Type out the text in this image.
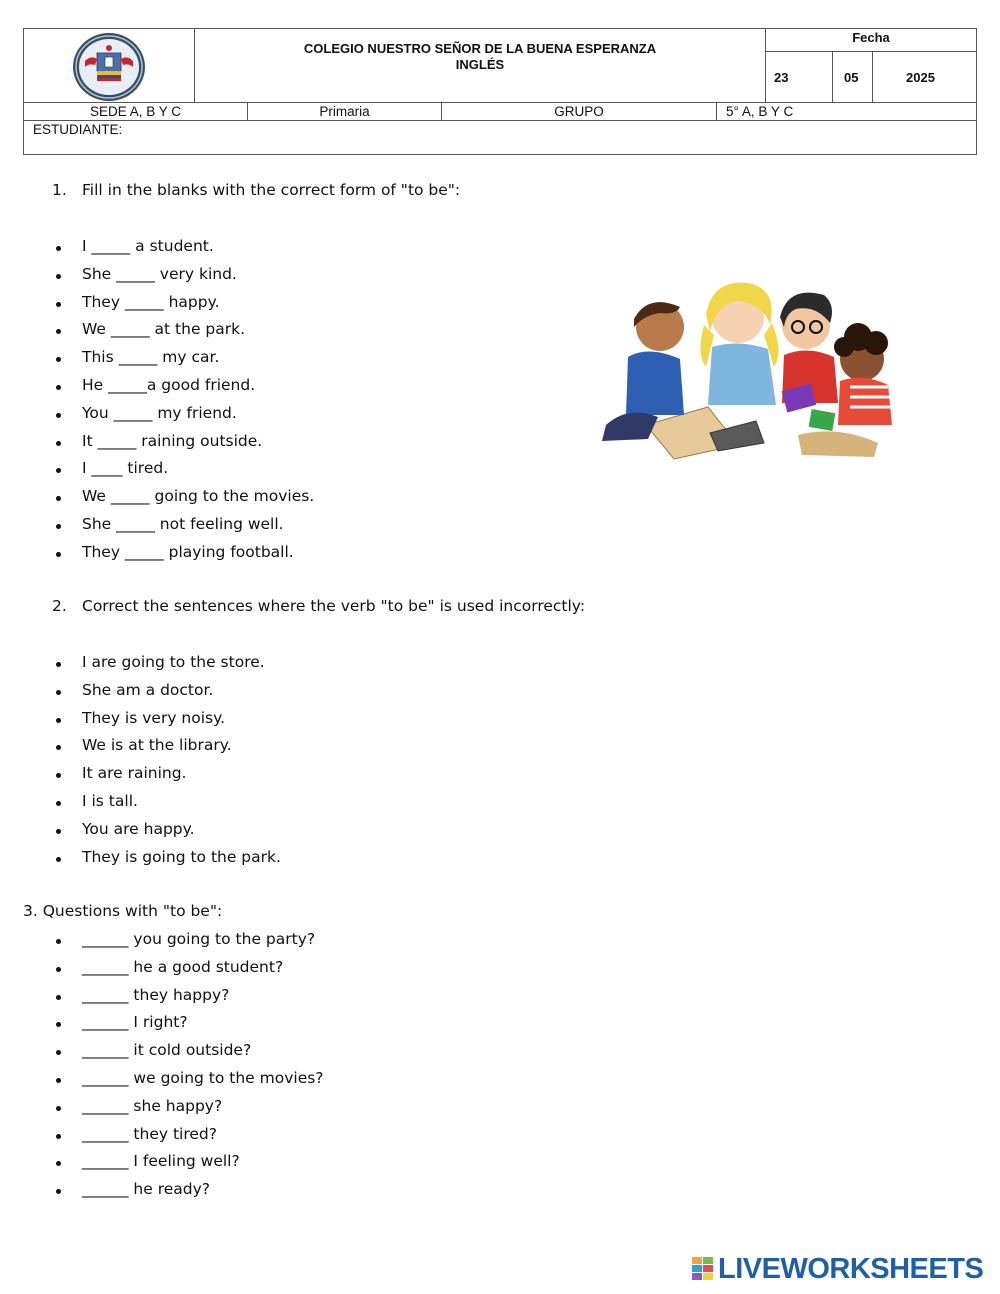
COLEGIO NUESTRO SEÑOR DE LA BUENA ESPERANZA
INGLÉS
Fecha
23	05	2025
SEDE A, B Y C	Primaria	GRUPO	5° A, B Y C
ESTUDIANTE:
1. Fill in the blanks with the correct form of "to be":
I _____ a student.
She _____ very kind.
They _____ happy.
We _____ at the park.
This _____ my car.
He _____a good friend.
You _____ my friend.
It _____ raining outside.
I ____ tired.
We _____ going to the movies.
She _____ not feeling well.
They _____ playing football.
2. Correct the sentences where the verb "to be" is used incorrectly:
I are going to the store.
She am a doctor.
They is very noisy.
We is at the library.
It are raining.
I is tall.
You are happy.
They is going to the park.
3. Questions with "to be":
______ you going to the party?
______ he a good student?
______ they happy?
______ I right?
______ it cold outside?
______ we going to the movies?
______ she happy?
______ they tired?
______ I feeling well?
______ he ready?
LIVEWORKSHEETS
